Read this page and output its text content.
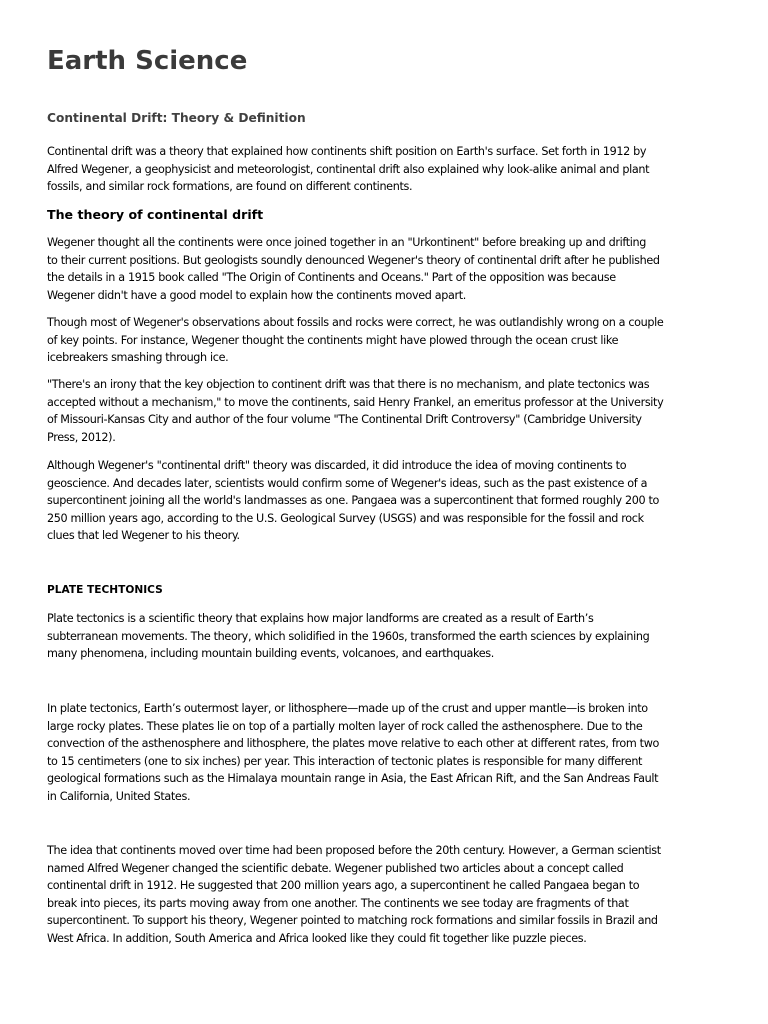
Earth Science
Continental Drift: Theory & Definition

Continental drift was a theory that explained how continents shift position on Earth's surface. Set forth in 1912 by
Alfred Wegener, a geophysicist and meteorologist, continental drift also explained why look-alike animal and plant
fossils, and similar rock formations, are found on different continents.

The theory of continental drift

Wegener thought all the continents were once joined together in an "Urkontinent" before breaking up and drifting
to their current positions. But geologists soundly denounced Wegener's theory of continental drift after he published
the details in a 1915 book called "The Origin of Continents and Oceans." Part of the opposition was because
Wegener didn't have a good model to explain how the continents moved apart.

Though most of Wegener's observations about fossils and rocks were correct, he was outlandishly wrong on a couple
of key points. For instance, Wegener thought the continents might have plowed through the ocean crust like
icebreakers smashing through ice.

"There's an irony that the key objection to continent drift was that there is no mechanism, and plate tectonics was
accepted without a mechanism," to move the continents, said Henry Frankel, an emeritus professor at the University
of Missouri-Kansas City and author of the four volume "The Continental Drift Controversy" (Cambridge University
Press, 2012).

Although Wegener's "continental drift" theory was discarded, it did introduce the idea of moving continents to
geoscience. And decades later, scientists would confirm some of Wegener's ideas, such as the past existence of a
supercontinent joining all the world's landmasses as one. Pangaea was a supercontinent that formed roughly 200 to
250 million years ago, according to the U.S. Geological Survey (USGS) and was responsible for the fossil and rock
clues that led Wegener to his theory.

PLATE TECHTONICS

Plate tectonics is a scientific theory that explains how major landforms are created as a result of Earth’s
subterranean movements. The theory, which solidified in the 1960s, transformed the earth sciences by explaining
many phenomena, including mountain building events, volcanoes, and earthquakes.

In plate tectonics, Earth’s outermost layer, or lithosphere—made up of the crust and upper mantle—is broken into
large rocky plates. These plates lie on top of a partially molten layer of rock called the asthenosphere. Due to the
convection of the asthenosphere and lithosphere, the plates move relative to each other at different rates, from two
to 15 centimeters (one to six inches) per year. This interaction of tectonic plates is responsible for many different
geological formations such as the Himalaya mountain range in Asia, the East African Rift, and the San Andreas Fault
in California, United States.

The idea that continents moved over time had been proposed before the 20th century. However, a German scientist
named Alfred Wegener changed the scientific debate. Wegener published two articles about a concept called
continental drift in 1912. He suggested that 200 million years ago, a supercontinent he called Pangaea began to
break into pieces, its parts moving away from one another. The continents we see today are fragments of that
supercontinent. To support his theory, Wegener pointed to matching rock formations and similar fossils in Brazil and
West Africa. In addition, South America and Africa looked like they could fit together like puzzle pieces.
